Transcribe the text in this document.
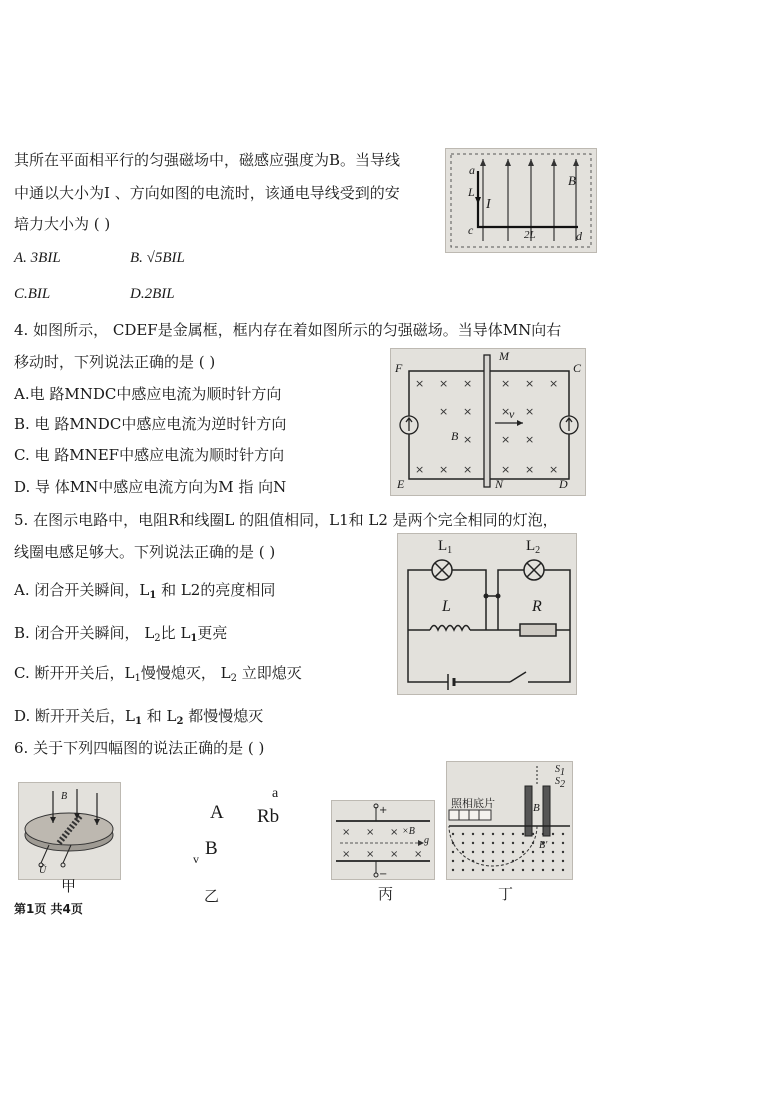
其所在平面相平行的匀强磁场中，磁感应强度为B。当导线
中通以大小为I 、方向如图的电流时，该通电导线受到的安
培力大小为 ( )
A. 3BIL	B. √5BIL
C.BIL	D.2BIL
a
L
I
B
c	d
2L
4. 如图所示， CDEF是金属框，框内存在着如图所示的匀强磁场。当导体MN向右
移动时，下列说法正确的是 ( )
A.电 路MNDC中感应电流为顺时针方向
B. 电 路MNDC中感应电流为逆时针方向
C. 电 路MNEF中感应电流为顺时针方向
D. 导 体MN中感应电流方向为M 指 向N
× × ×	× × ×
× ×	× ×
×	× ×
× × ×	× × ×
F
M
C
E	N	D
B
v
5. 在图示电路中，电阻R和线圈L 的阻值相同，L1和 L2 是两个完全相同的灯泡，
线圈电感足够大。下列说法正确的是 ( )
A. 闭合开关瞬间，$L_1$ 和 L2的亮度相同
B. 闭合开关瞬间， $L_2$比 $L_1$更亮
C. 断开开关后，$L_1$慢慢熄灭， $L_2$ 立即熄灭
D. 断开开关后，$L_1$ 和 $L_2$ 都慢慢熄灭
$L_1$	$L_2$
L	R
6. 关于下列四幅图的说法正确的是 ( )
B
Ũ
甲
a
A Rb
v B
乙
× × ×
× × × ×
+
−
×B
g
丙
照相底片
S1
S2
B
B'
丁
第1页 共4页
